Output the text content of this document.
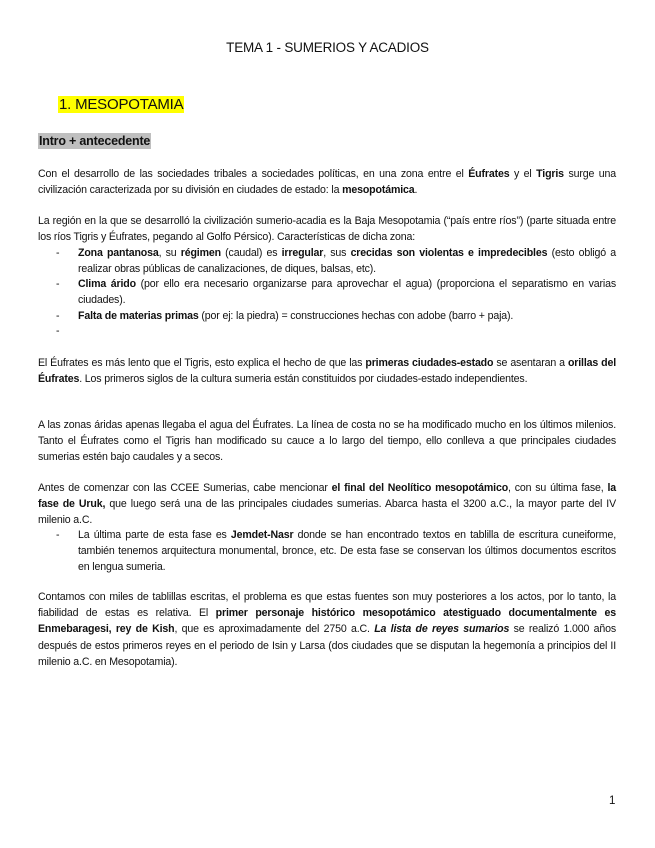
TEMA 1 - SUMERIOS Y ACADIOS
1. MESOPOTAMIA
Intro + antecedente
Con el desarrollo de las sociedades tribales a sociedades políticas, en una zona entre el Éufrates y el Tigris surge una civilización caracterizada por su división en ciudades de estado: la mesopotámica.
La región en la que se desarrolló la civilización sumerio-acadia es la Baja Mesopotamia (“país entre ríos”) (parte situada entre los ríos Tigris y Éufrates, pegando al Golfo Pérsico). Características de dicha zona:
- Zona pantanosa, su régimen (caudal) es irregular, sus crecidas son violentas e impredecibles (esto obligó a realizar obras públicas de canalizaciones, de diques, balsas, etc).
- Clima árido (por ello era necesario organizarse para aprovechar el agua) (proporciona el separatismo en varias ciudades).
- Falta de materias primas (por ej: la piedra) = construcciones hechas con adobe (barro + paja).
-
El Éufrates es más lento que el Tigris, esto explica el hecho de que las primeras ciudades-estado se asentaran a orillas del Éufrates. Los primeros siglos de la cultura sumeria están constituidos por ciudades-estado independientes.
A las zonas áridas apenas llegaba el agua del Éufrates. La línea de costa no se ha modificado mucho en los últimos milenios. Tanto el Éufrates como el Tigris han modificado su cauce a lo largo del tiempo, ello conlleva a que principales ciudades sumerias estén bajo caudales y a secos.
Antes de comenzar con las CCEE Sumerias, cabe mencionar el final del Neolítico mesopotámico, con su última fase, la fase de Uruk, que luego será una de las principales ciudades sumerias. Abarca hasta el 3200 a.C., la mayor parte del IV milenio a.C.
- La última parte de esta fase es Jemdet-Nasr donde se han encontrado textos en tablilla de escritura cuneiforme, también tenemos arquitectura monumental, bronce, etc. De esta fase se conservan los últimos documentos escritos en lengua sumeria.
Contamos con miles de tablillas escritas, el problema es que estas fuentes son muy posteriores a los actos, por lo tanto, la fiabilidad de estas es relativa. El primer personaje histórico mesopotámico atestiguado documentalmente es Enmebaragesi, rey de Kish, que es aproximadamente del 2750 a.C. La lista de reyes sumarios se realizó 1.000 años después de estos primeros reyes en el periodo de Isin y Larsa (dos ciudades que se disputan la hegemonía a principios del II milenio a.C. en Mesopotamia).
1
